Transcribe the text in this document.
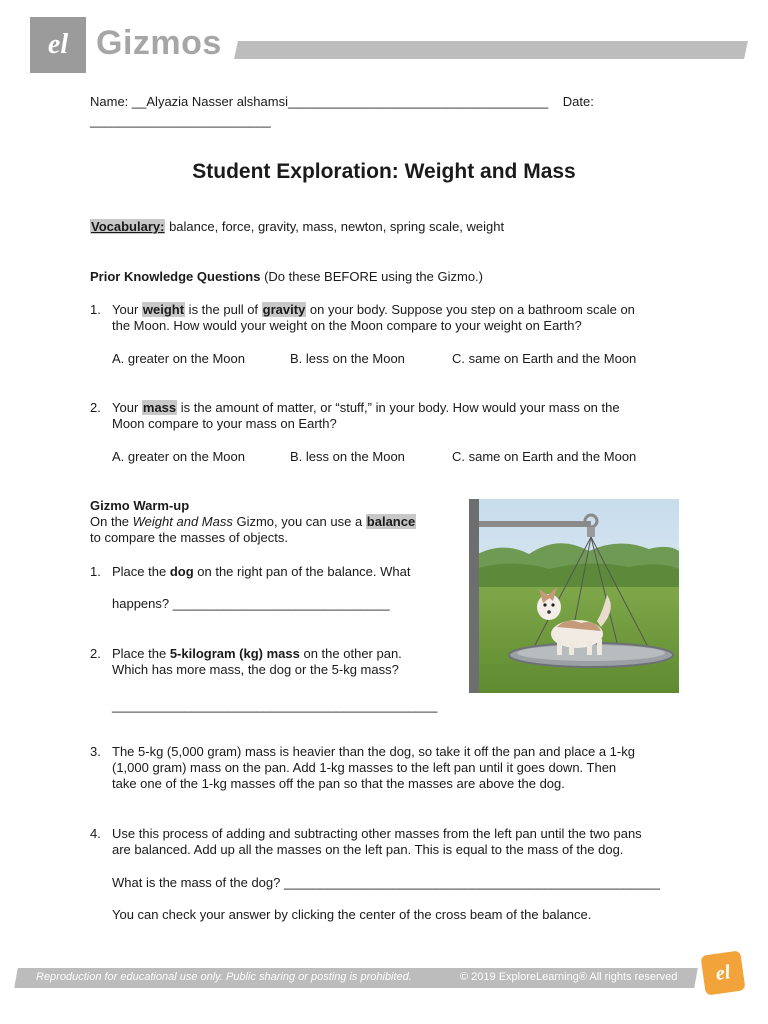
el Gizmos
Name: __Alyazia Nasser alshamsi____________________________________ Date:
_________________________
Student Exploration: Weight and Mass
Vocabulary: balance, force, gravity, mass, newton, spring scale, weight
Prior Knowledge Questions (Do these BEFORE using the Gizmo.)
1. Your weight is the pull of gravity on your body. Suppose you step on a bathroom scale on
the Moon. How would your weight on the Moon compare to your weight on Earth?
A. greater on the Moon	B. less on the Moon	C. same on Earth and the Moon
2. Your mass is the amount of matter, or “stuff,” in your body. How would your mass on the
Moon compare to your mass on Earth?
A. greater on the Moon	B. less on the Moon	C. same on Earth and the Moon
Gizmo Warm-up
On the Weight and Mass Gizmo, you can use a balance
to compare the masses of objects.
1. Place the dog on the right pan of the balance. What
happens? ______________________________
2. Place the 5-kilogram (kg) mass on the other pan.
Which has more mass, the dog or the 5-kg mass?
_____________________________________________
3. The 5-kg (5,000 gram) mass is heavier than the dog, so take it off the pan and place a 1-kg
(1,000 gram) mass on the pan. Add 1-kg masses to the left pan until it goes down. Then
take one of the 1-kg masses off the pan so that the masses are above the dog.
4. Use this process of adding and subtracting other masses from the left pan until the two pans
are balanced. Add up all the masses on the left pan. This is equal to the mass of the dog.
What is the mass of the dog? ____________________________________________________
You can check your answer by clicking the center of the cross beam of the balance.
Reproduction for educational use only. Public sharing or posting is prohibited.	© 2019 ExploreLearning® All rights reserved el
